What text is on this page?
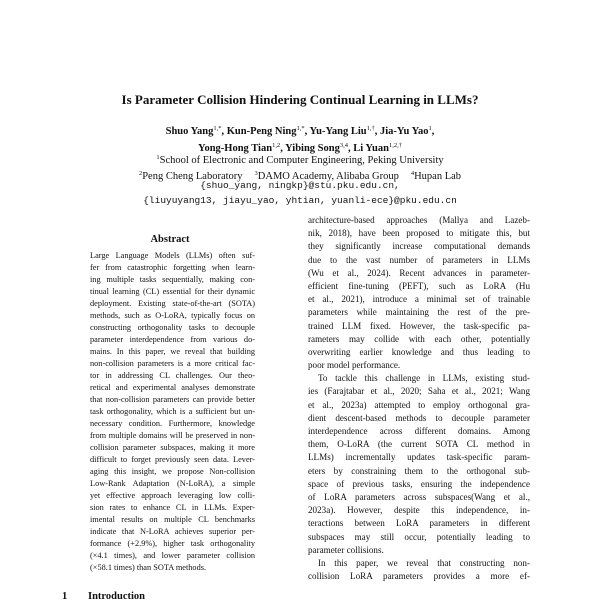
Is Parameter Collision Hindering Continual Learning in LLMs?
Shuo Yang$^{1,*}$, Kun-Peng Ning$^{1,*}$, Yu-Yang Liu$^{1,\dagger}$, Jia-Yu Yao$^1$,
Yong-Hong Tian$^{1,2}$, Yibing Song$^{3,4}$, Li Yuan$^{1,2,\dagger}$
$^1$School of Electronic and Computer Engineering, Peking University
$^2$Peng Cheng Laboratory $^3$DAMO Academy, Alibaba Group $^4$Hupan Lab
{shuo_yang, ningkp}@stu.pku.edu.cn,
{liuyuyang13, jiayu_yao, yhtian, yuanli-ece}@pku.edu.cn
Abstract
Large Language Models (LLMs) often suf-
fer from catastrophic forgetting when learn-
ing multiple tasks sequentially, making con-
tinual learning (CL) essential for their dynamic
deployment. Existing state-of-the-art (SOTA)
methods, such as O-LoRA, typically focus on
constructing orthogonality tasks to decouple
parameter interdependence from various do-
mains. In this paper, we reveal that building
non-collision parameters is a more critical fac-
tor in addressing CL challenges. Our theo-
retical and experimental analyses demonstrate
that non-collision parameters can provide better
task orthogonality, which is a sufficient but un-
necessary condition. Furthermore, knowledge
from multiple domains will be preserved in non-
collision parameter subspaces, making it more
difficult to forget previously seen data. Lever-
aging this insight, we propose Non-collision
Low-Rank Adaptation (N-LoRA), a simple
yet effective approach leveraging low colli-
sion rates to enhance CL in LLMs. Exper-
imental results on multiple CL benchmarks
indicate that N-LoRA achieves superior per-
formance (+2.9%), higher task orthogonality
(×4.1 times), and lower parameter collision
(×58.1 times) than SOTA methods.
architecture-based approaches (Mallya and Lazeb-
nik, 2018), have been proposed to mitigate this, but
they significantly increase computational demands
due to the vast number of parameters in LLMs
(Wu et al., 2024). Recent advances in parameter-
efficient fine-tuning (PEFT), such as LoRA (Hu
et al., 2021), introduce a minimal set of trainable
parameters while maintaining the rest of the pre-
trained LLM fixed. However, the task-specific pa-
rameters may collide with each other, potentially
overwriting earlier knowledge and thus leading to
poor model performance.
To tackle this challenge in LLMs, existing stud-
ies (Farajtabar et al., 2020; Saha et al., 2021; Wang
et al., 2023a) attempted to employ orthogonal gra-
dient descent-based methods to decouple parameter
interdependence across different domains. Among
them, O-LoRA (the current SOTA CL method in
LLMs) incrementally updates task-specific param-
eters by constraining them to the orthogonal sub-
space of previous tasks, ensuring the independence
of LoRA parameters across subspaces(Wang et al.,
2023a). However, despite this independence, in-
teractions between LoRA parameters in different
subspaces may still occur, potentially leading to
parameter collisions.
In this paper, we reveal that constructing non-
collision LoRA parameters provides a more ef-
1 Introduction
